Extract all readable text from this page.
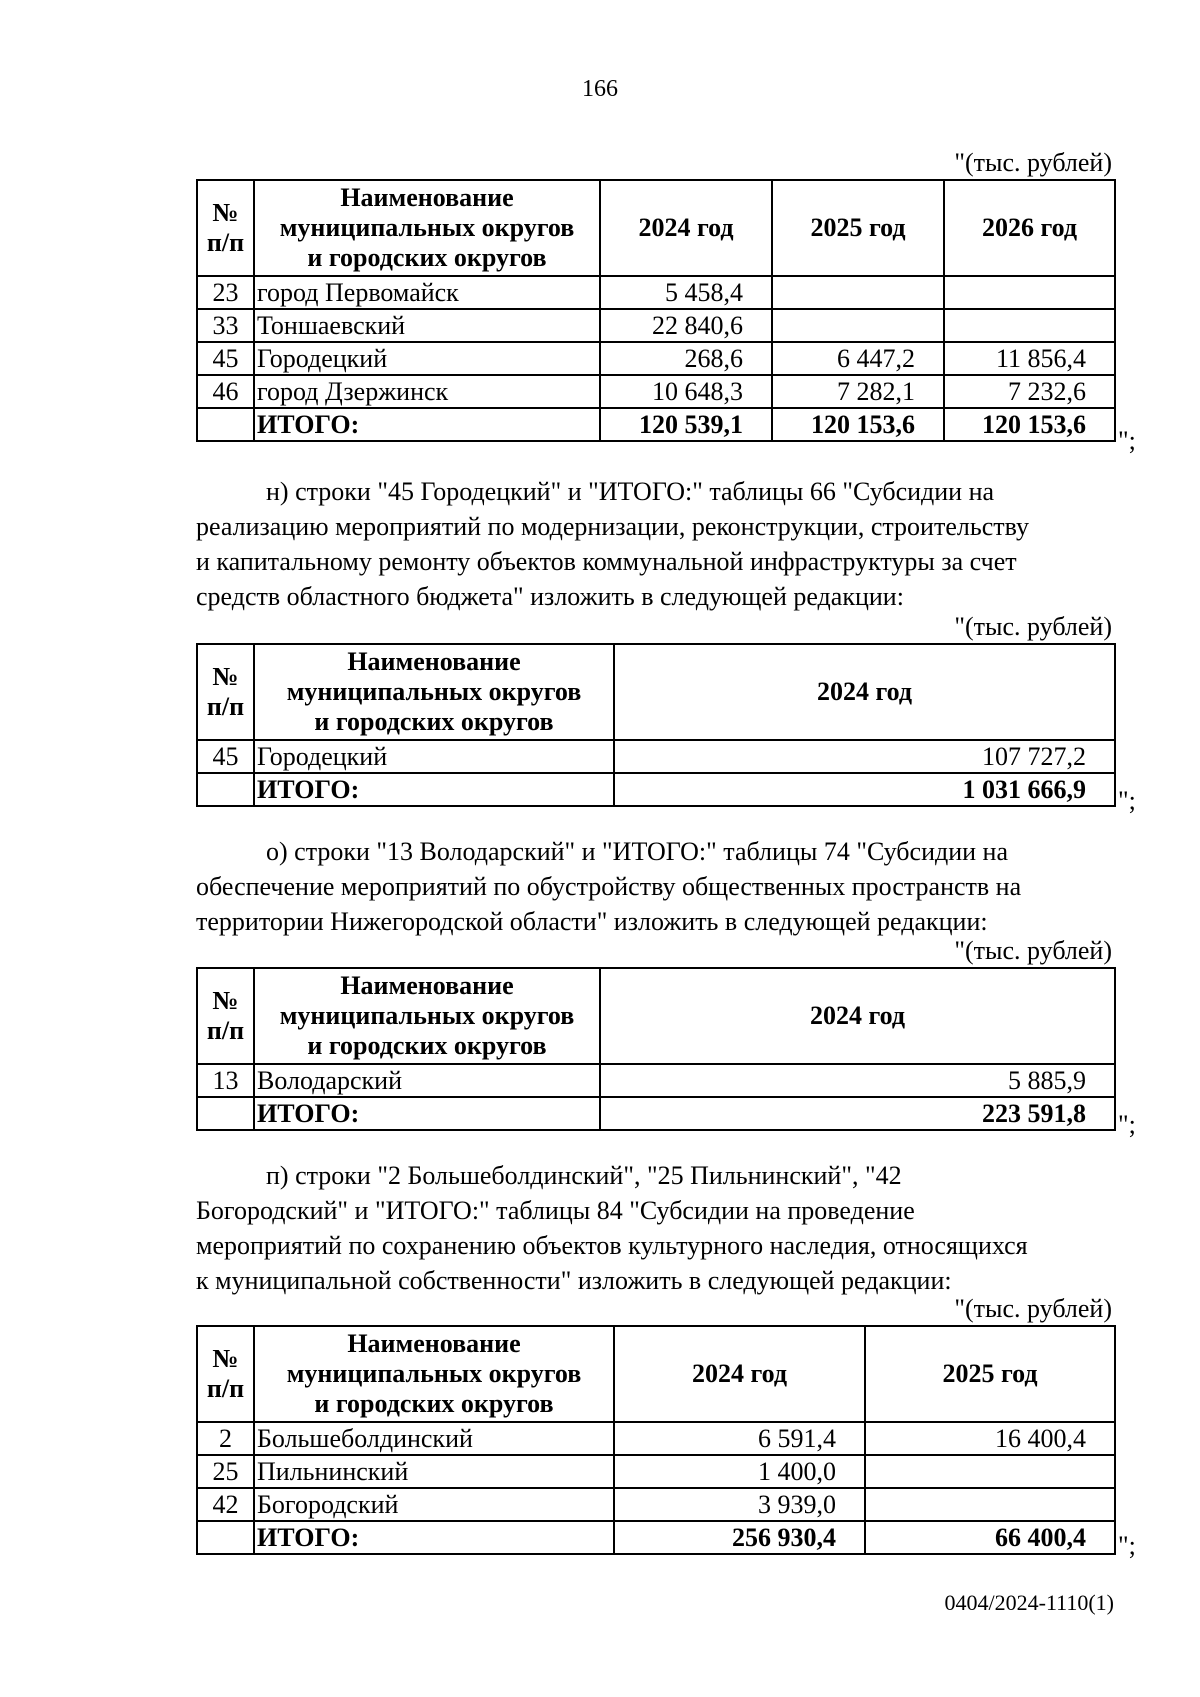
166
"(тыс. рублей)
№ п/п	Наименование
муниципальных округов
и городских округов	2024 год	2025 год	2026 год
23	город Первомайск	5 458,4		
33	Тоншаевский	22 840,6		
45	Городецкий	268,6	6 447,2	11 856,4
46	город Дзержинск	10 648,3	7 282,1	7 232,6
	ИТОГО:	120 539,1	120 153,6	120 153,6
";
н) строки "45 Городецкий" и "ИТОГО:" таблицы 66 "Субсидии на
реализацию мероприятий по модернизации, реконструкции, строительству
и капитальному ремонту объектов коммунальной инфраструктуры за счет
средств областного бюджета" изложить в следующей редакции:
"(тыс. рублей)
№ п/п	Наименование
муниципальных округов
и городских округов	2024 год
45	Городецкий	107 727,2
	ИТОГО:	1 031 666,9 ";
о) строки "13 Володарский" и "ИТОГО:" таблицы 74 "Субсидии на
обеспечение мероприятий по обустройству общественных пространств на
территории Нижегородской области" изложить в следующей редакции:
"(тыс. рублей)
№ п/п	Наименование
муниципальных округов
и городских округов	2024 год
13	Володарский	5 885,9
	ИТОГО:	223 591,8 ";
п) строки "2 Большеболдинский", "25 Пильнинский", "42
Богородский" и "ИТОГО:" таблицы 84 "Субсидии на проведение
мероприятий по сохранению объектов культурного наследия, относящихся
к муниципальной собственности" изложить в следующей редакции:
"(тыс. рублей)
№ п/п	Наименование
муниципальных округов
и городских округов	2024 год	2025 год
2	Большеболдинский	6 591,4	16 400,4
25	Пильнинский	1 400,0	
42	Богородский	3 939,0	
	ИТОГО:	256 930,4	66 400,4 ";
0404/2024-1110(1)
